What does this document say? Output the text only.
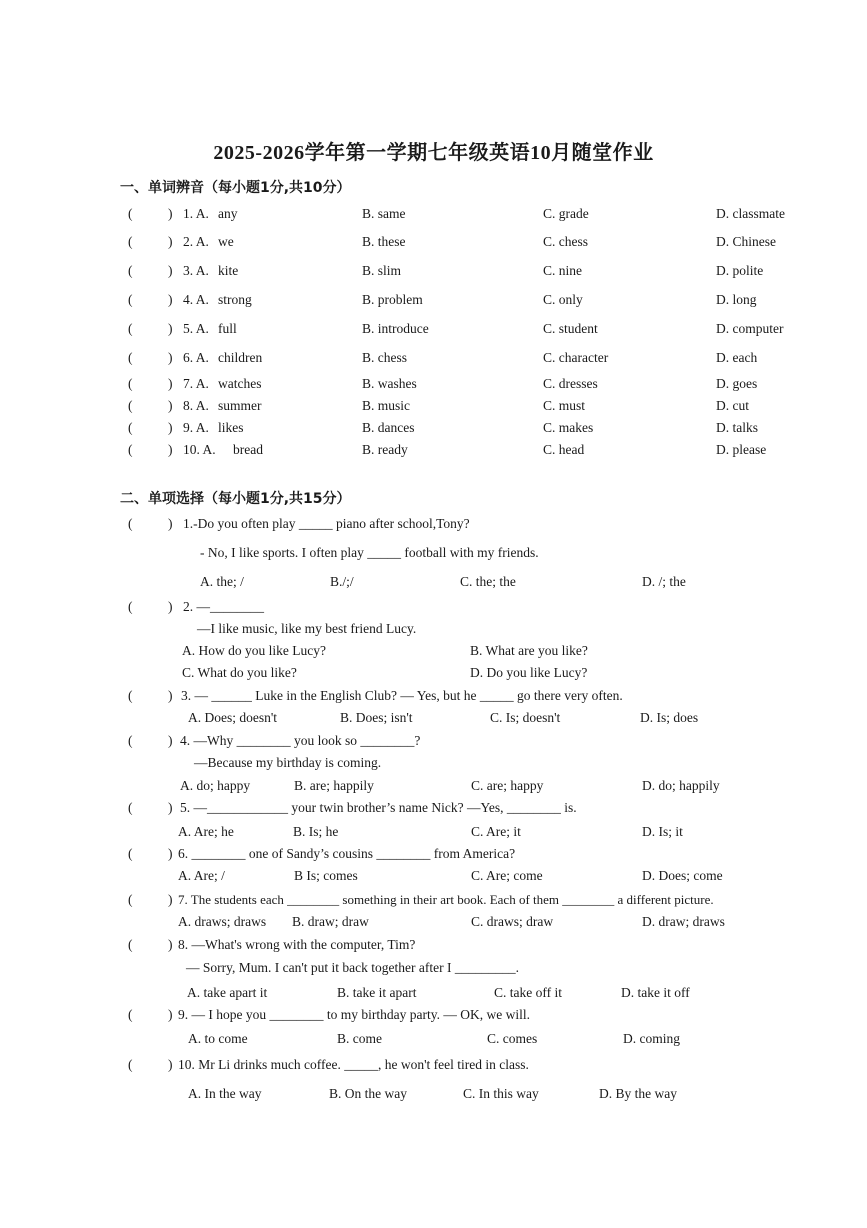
2025-2026学年第一学期七年级英语10月随堂作业
一、单词辨音（每小题1分,共10分）
(	) 1. A. any	B. same	C. grade	D. classmate
(	) 2. A. we	B. these	C. chess	D. Chinese
(	) 3. A. kite	B. slim	C. nine	D. polite
(	) 4. A. strong	B. problem	C. only	D. long
(	) 5. A. full	B. introduce	C. student	D. computer
(	) 6. A. children	B. chess	C. character	D. each
(	) 7. A. watches	B. washes	C. dresses	D. goes
(	) 8. A. summer	B. music	C. must	D. cut
(	) 9. A. likes	B. dances	C. makes	D. talks
(	) 10. A. bread	B. ready	C. head	D. please
二、单项选择（每小题1分,共15分）
(	) 1.-Do you often play _____ piano after school,Tony?
- No, I like sports. I often play _____ football with my friends.
A. the; /	B./;/	C. the; the	D. /; the
(	) 2. —________
—I like music, like my best friend Lucy.
A. How do you like Lucy?	B. What are you like?
C. What do you like?	D. Do you like Lucy?
(	) 3. — ______ Luke in the English Club? — Yes, but he _____ go there very often.
A. Does; doesn't	B. Does; isn't	C. Is; doesn't	D. Is; does
(	) 4. —Why ________ you look so ________?
—Because my birthday is coming.
A. do; happy	B. are; happily	C. are; happy	D. do; happily
(	) 5. —____________ your twin brother’s name Nick? —Yes, ________ is.
A. Are; he	B. Is; he	C. Are; it	D. Is; it
(	) 6. ________ one of Sandy’s cousins ________ from America?
A. Are; /	B Is; comes	C. Are; come	D. Does; come
(	) 7. The students each ________ something in their art book. Each of them ________ a different picture.
A. draws; draws B. draw; draw	C. draws; draw	D. draw; draws
(	) 8. —What's wrong with the computer, Tim?
— Sorry, Mum. I can't put it back together after I _________.
A. take apart it	B. take it apart	C. take off it	D. take it off
(	) 9. — I hope you ________ to my birthday party. — OK, we will.
A. to come	B. come	C. comes	D. coming
(	) 10. Mr Li drinks much coffee. _____, he won't feel tired in class.
A. In the way	B. On the way	C. In this way	D. By the way
